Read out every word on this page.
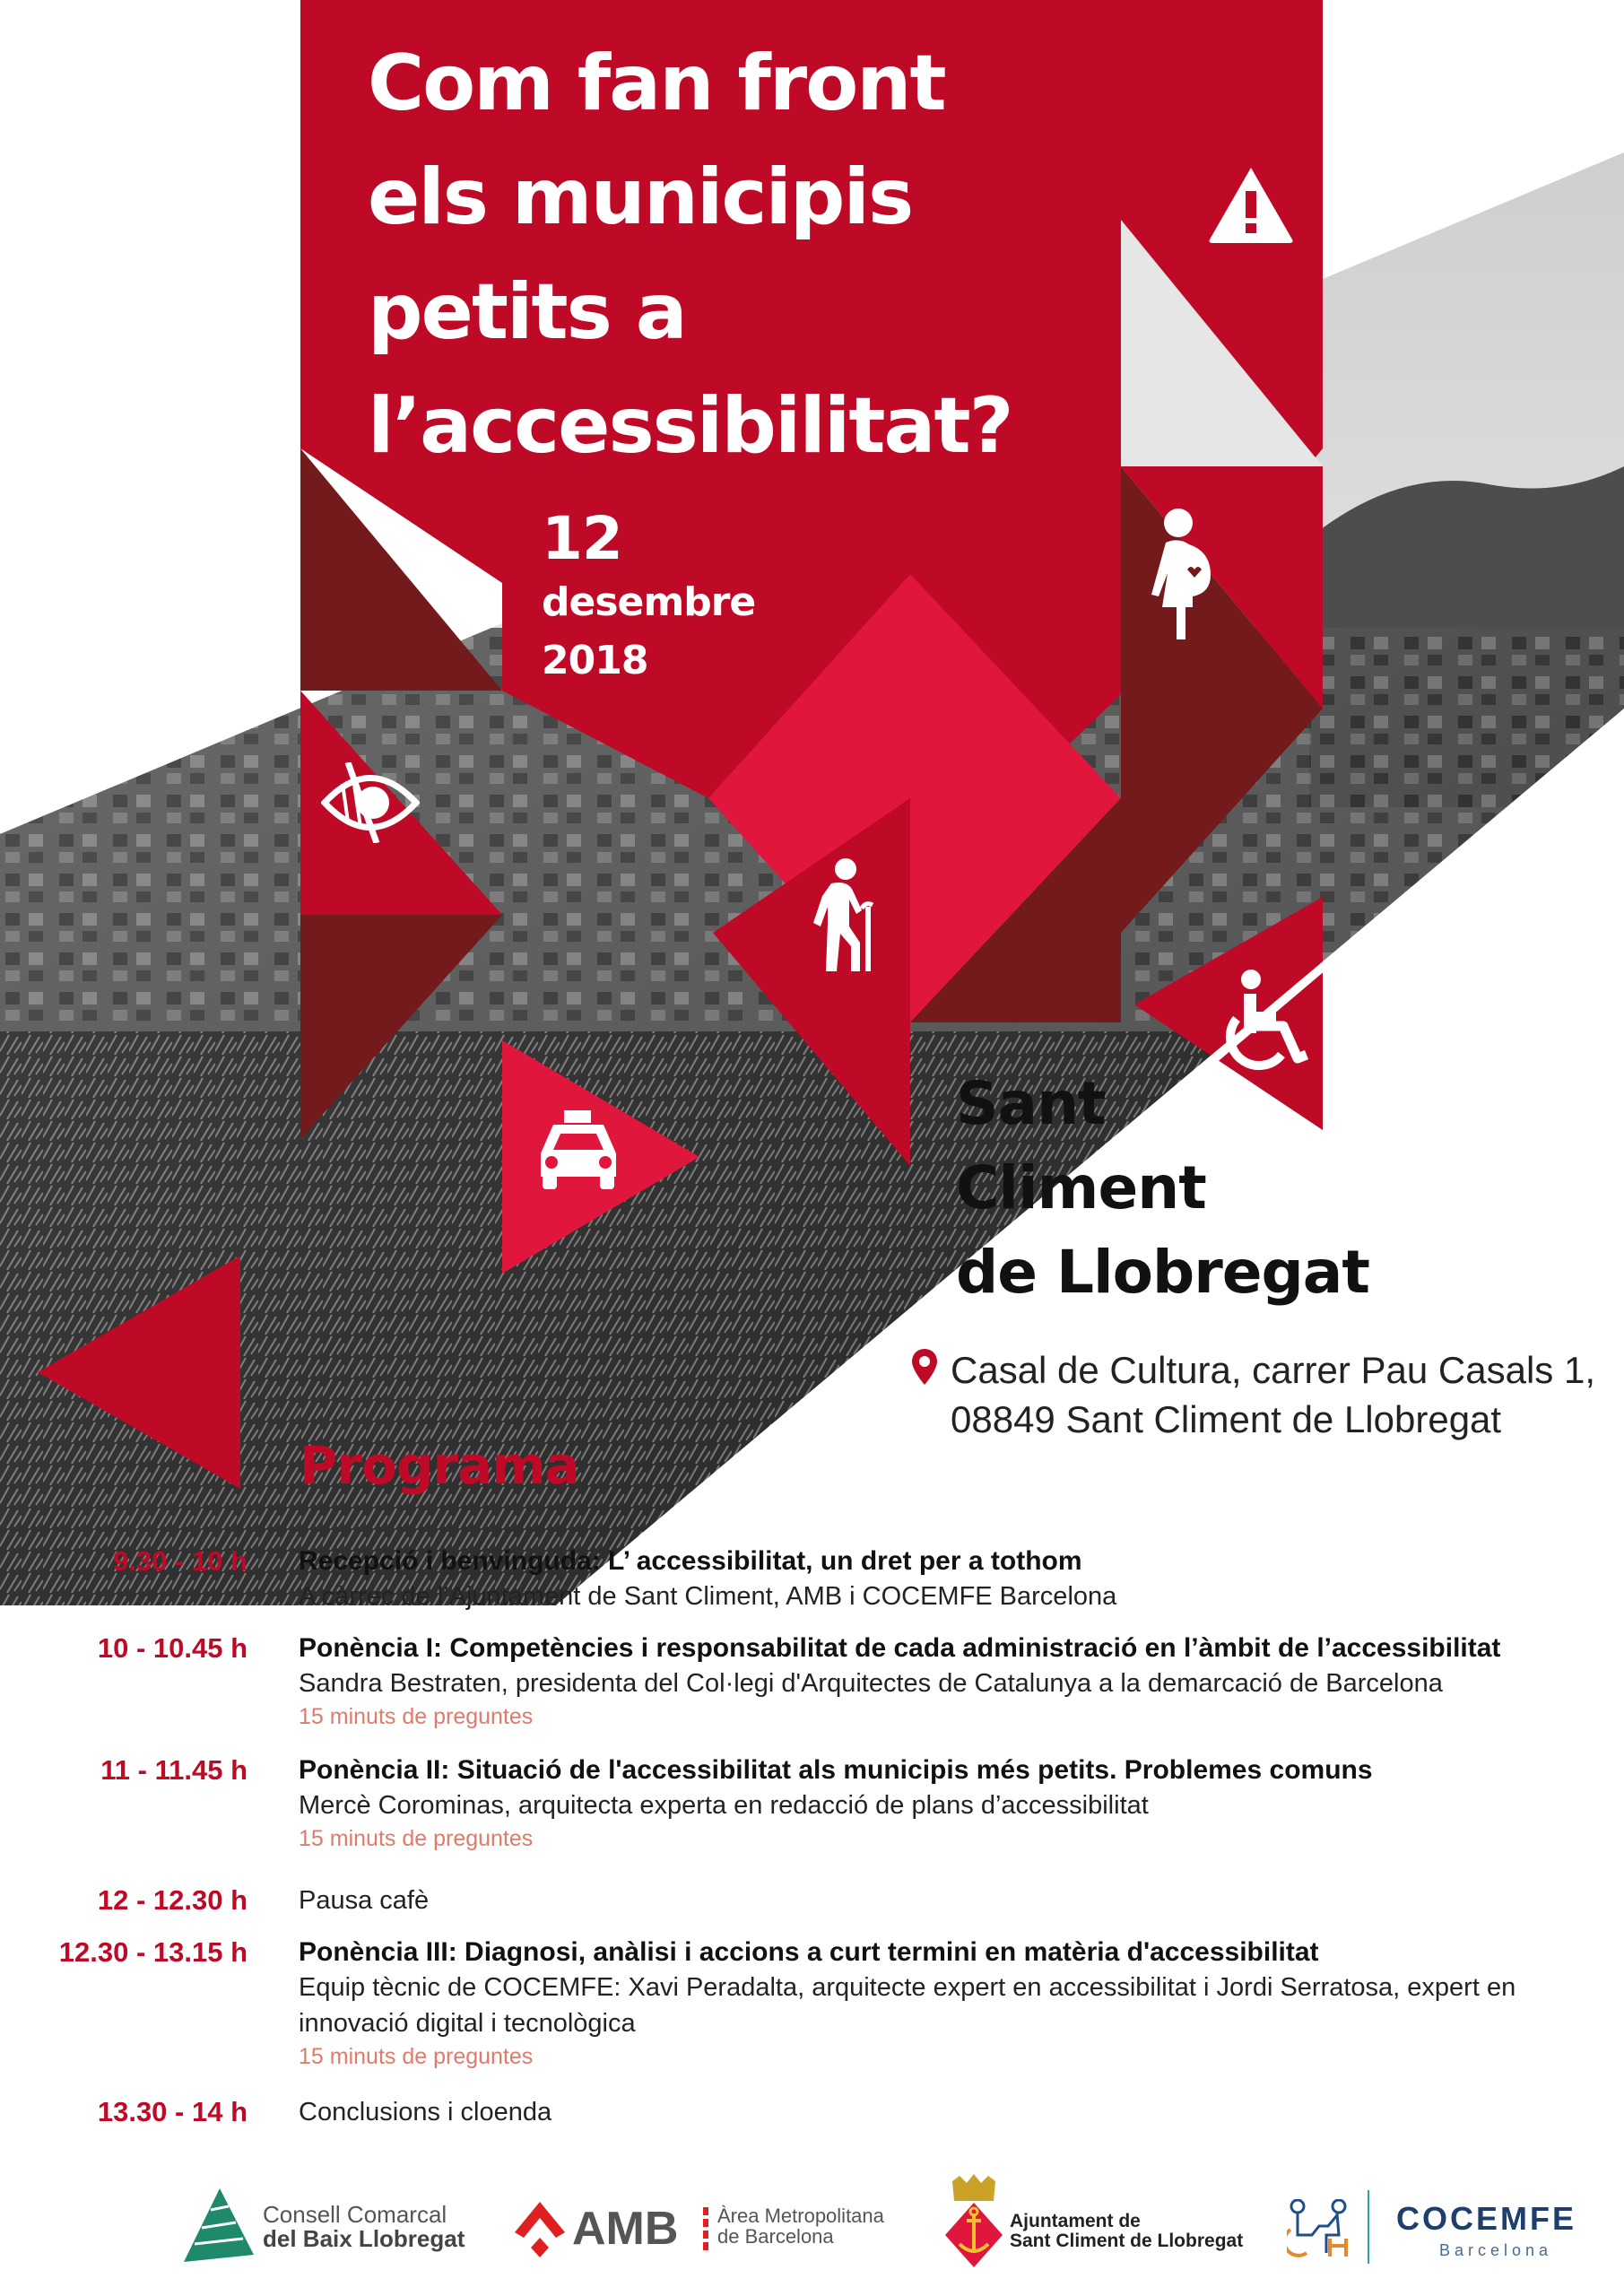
Com fan front
els municipis
petits a
l’accessibilitat?
12
desembre
2018
Sant
Climent
de Llobregat
Casal de Cultura, carrer Pau Casals 1,
08849 Sant Climent de Llobregat
Programa
9.30 - 10 h Recepció i benvinguda: L’ accessibilitat, un dret per a tothom
A càrrec de l’Ajuntament de Sant Climent, AMB i COCEMFE Barcelona
10 - 10.45 h Ponència I: Competències i responsabilitat de cada administració en l’àmbit de l’accessibilitat
Sandra Bestraten, presidenta del Col·legi d'Arquitectes de Catalunya a la demarcació de Barcelona
15 minuts de preguntes
11 - 11.45 h Ponència II: Situació de l'accessibilitat als municipis més petits. Problemes comuns
Mercè Corominas, arquitecta experta en redacció de plans d’accessibilitat
15 minuts de preguntes
12 - 12.30 h Pausa cafè
12.30 - 13.15 h Ponència III: Diagnosi, anàlisi i accions a curt termini en matèria d'accessibilitat
Equip tècnic de COCEMFE: Xavi Peradalta, arquitecte expert en accessibilitat i Jordi Serratosa, expert en innovació digital i tecnològica
15 minuts de preguntes
13.30 - 14 h Conclusions i cloenda
Consell Comarcal
del Baix Llobregat AMB Àrea Metropolitana
de Barcelona
Ajuntament de
Sant Climent de Llobregat
COCEMFE
Barcelona
